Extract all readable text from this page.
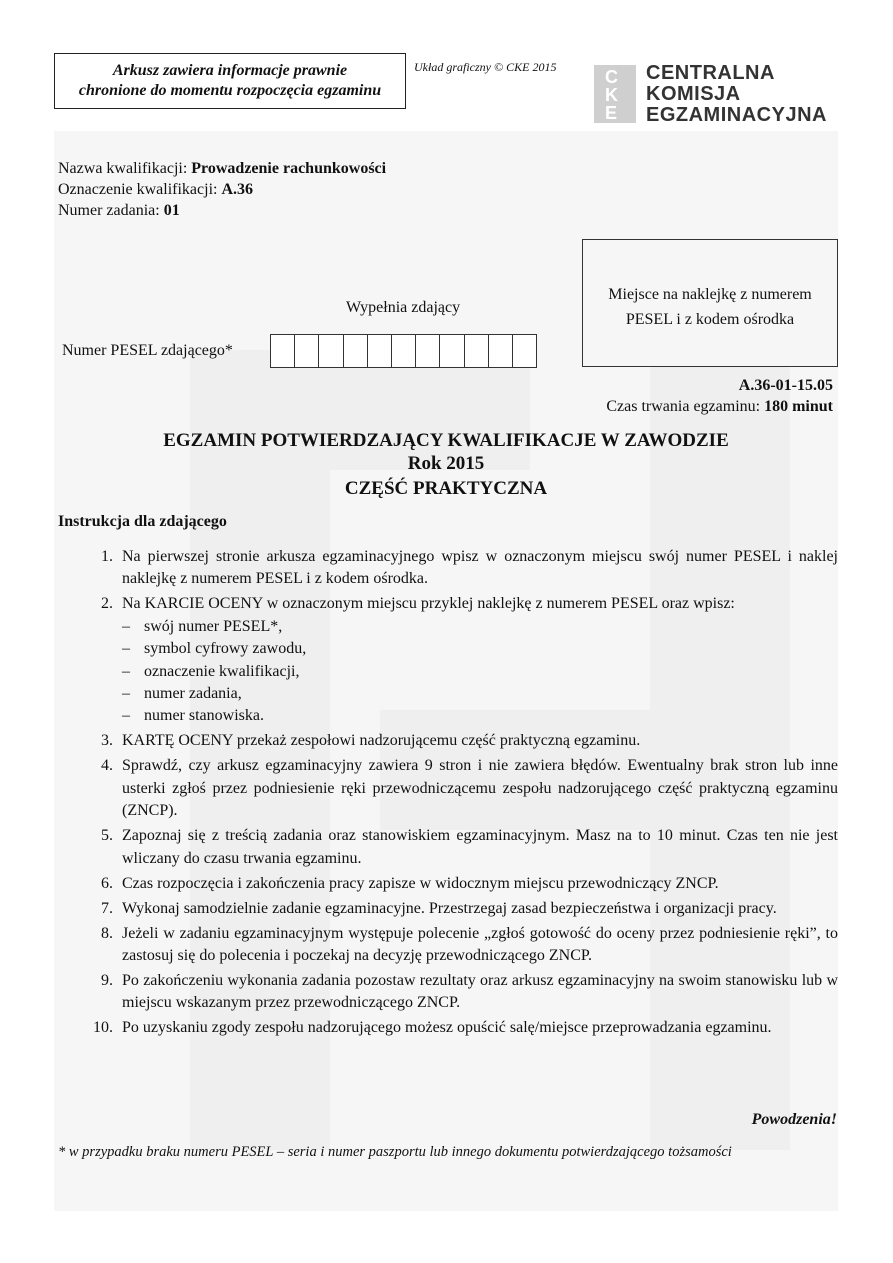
Arkusz zawiera informacje prawnie
chronione do momentu rozpoczęcia egzaminu
Układ graficzny © CKE 2015	C
K
E
CENTRALNA
KOMISJA
EGZAMINACYJNA
Nazwa kwalifikacji: Prowadzenie rachunkowości
Oznaczenie kwalifikacji: A.36
Numer zadania: 01
Wypełnia zdający
Numer PESEL zdającego*
Miejsce na naklejkę z numerem
PESEL i z kodem ośrodka
A.36-01-15.05
Czas trwania egzaminu: 180 minut
EGZAMIN POTWIERDZAJĄCY KWALIFIKACJE W ZAWODZIE
Rok 2015
CZĘŚĆ PRAKTYCZNA
Instrukcja dla zdającego
1. Na pierwszej stronie arkusza egzaminacyjnego wpisz w oznaczonym miejscu swój numer PESEL i naklej naklejkę z numerem PESEL i z kodem ośrodka.
2. Na KARCIE OCENY w oznaczonym miejscu przyklej naklejkę z numerem PESEL oraz wpisz:
– swój numer PESEL*,
– symbol cyfrowy zawodu,
– oznaczenie kwalifikacji,
– numer zadania,
– numer stanowiska.
3. KARTĘ OCENY przekaż zespołowi nadzorującemu część praktyczną egzaminu.
4. Sprawdź, czy arkusz egzaminacyjny zawiera 9 stron i nie zawiera błędów. Ewentualny brak stron lub inne usterki zgłoś przez podniesienie ręki przewodniczącemu zespołu nadzorującego część praktyczną egzaminu (ZNCP).
5. Zapoznaj się z treścią zadania oraz stanowiskiem egzaminacyjnym. Masz na to 10 minut. Czas ten nie jest wliczany do czasu trwania egzaminu.
6. Czas rozpoczęcia i zakończenia pracy zapisze w widocznym miejscu przewodniczący ZNCP.
7. Wykonaj samodzielnie zadanie egzaminacyjne. Przestrzegaj zasad bezpieczeństwa i organizacji pracy.
8. Jeżeli w zadaniu egzaminacyjnym występuje polecenie „zgłoś gotowość do oceny przez podniesienie ręki”, to zastosuj się do polecenia i poczekaj na decyzję przewodniczącego ZNCP.
9. Po zakończeniu wykonania zadania pozostaw rezultaty oraz arkusz egzaminacyjny na swoim stanowisku lub w miejscu wskazanym przez przewodniczącego ZNCP.
10. Po uzyskaniu zgody zespołu nadzorującego możesz opuścić salę/miejsce przeprowadzania egzaminu.
Powodzenia!
* w przypadku braku numeru PESEL – seria i numer paszportu lub innego dokumentu potwierdzającego tożsamości
